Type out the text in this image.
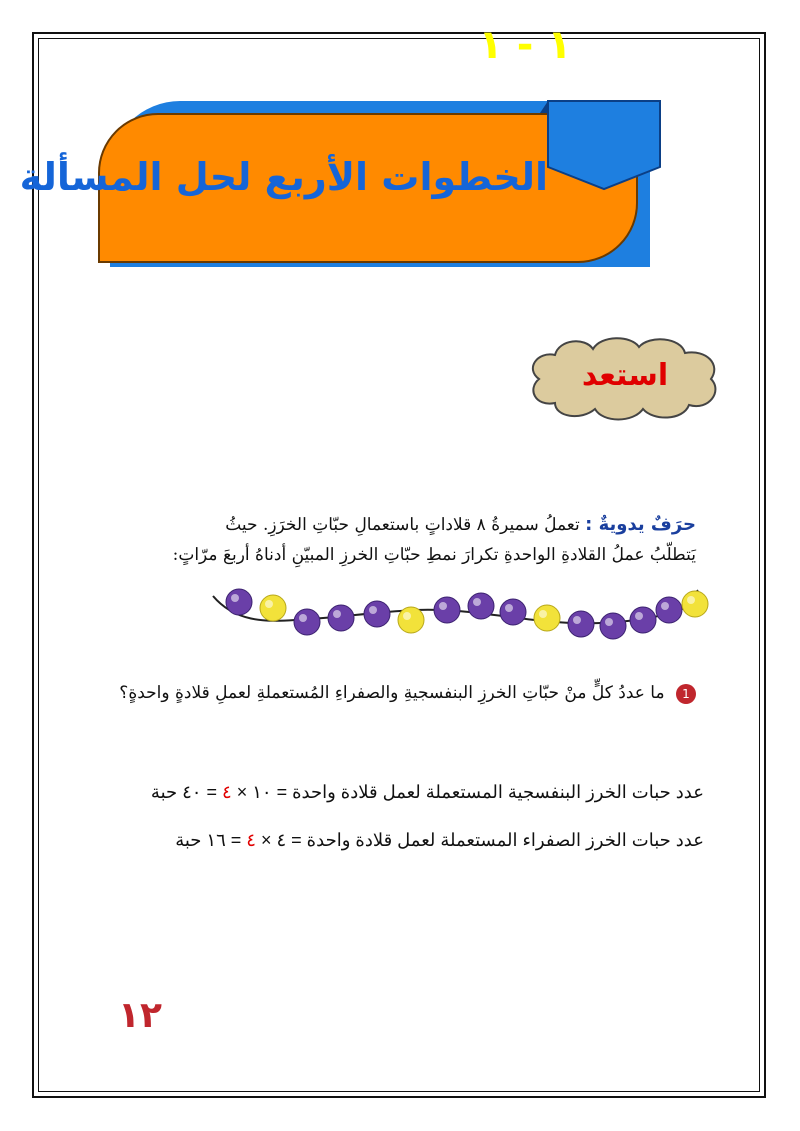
الخطوات الأربع لحل المسألة
١ - ١
استعد
حرَفٌ يدويةٌ : تعملُ سميرةُ ٨ قلاداتٍ باستعمالِ حبّاتِ الخرَزِ. حيثُ
يَتطلّبُ عملُ القلادةِ الواحدةِ تكرارَ نمطِ حبّاتِ الخرزِ المبيّنِ أدناهُ أربعَ مرّاتٍ:
1 ما عددُ كلٍّ منْ حبّاتِ الخرزِ البنفسجيةِ والصفراءِ المُستعملةِ لعملِ قلادةٍ واحدةٍ؟
عدد حبات الخرز البنفسجية المستعملة لعمل قلادة واحدة = ١٠ × ٤ = ٤٠ حبة
عدد حبات الخرز الصفراء المستعملة لعمل قلادة واحدة = ٤ × ٤ = ١٦ حبة
١٢
